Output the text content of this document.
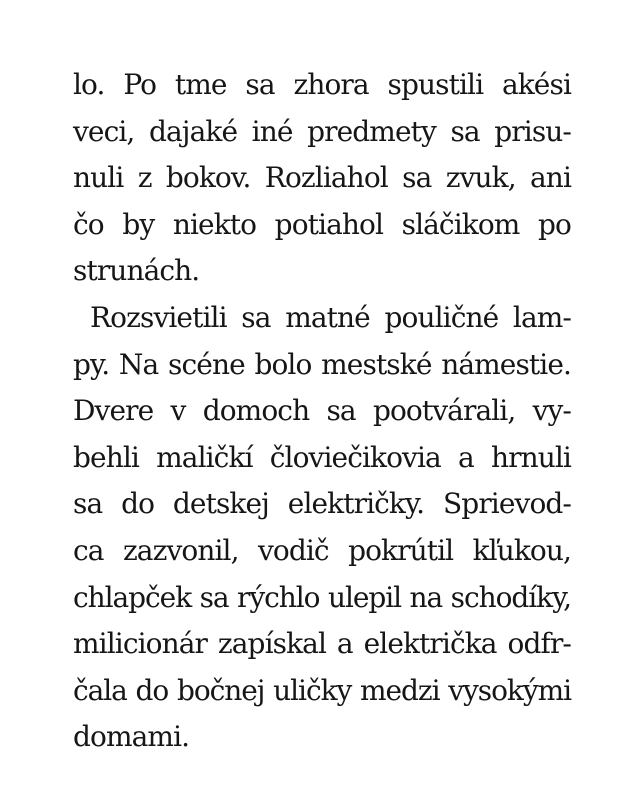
lo. Po tme sa zhora spustili akési
veci, dajaké iné predmety sa prisu-
nuli z bokov. Rozliahol sa zvuk, ani
čo by niekto potiahol sláčikom po
strunách.
Rozsvietili sa matné pouličné lam-
py. Na scéne bolo mestské námestie.
Dvere v domoch sa pootvárali, vy-
behli maličkí človiečikovia a hrnuli
sa do detskej električky. Sprievod-
ca zazvonil, vodič pokrútil kľukou,
chlapček sa rýchlo ulepil na schodíky,
milicionár zapískal a električka odfr-
čala do bočnej uličky medzi vysokými
domami.
